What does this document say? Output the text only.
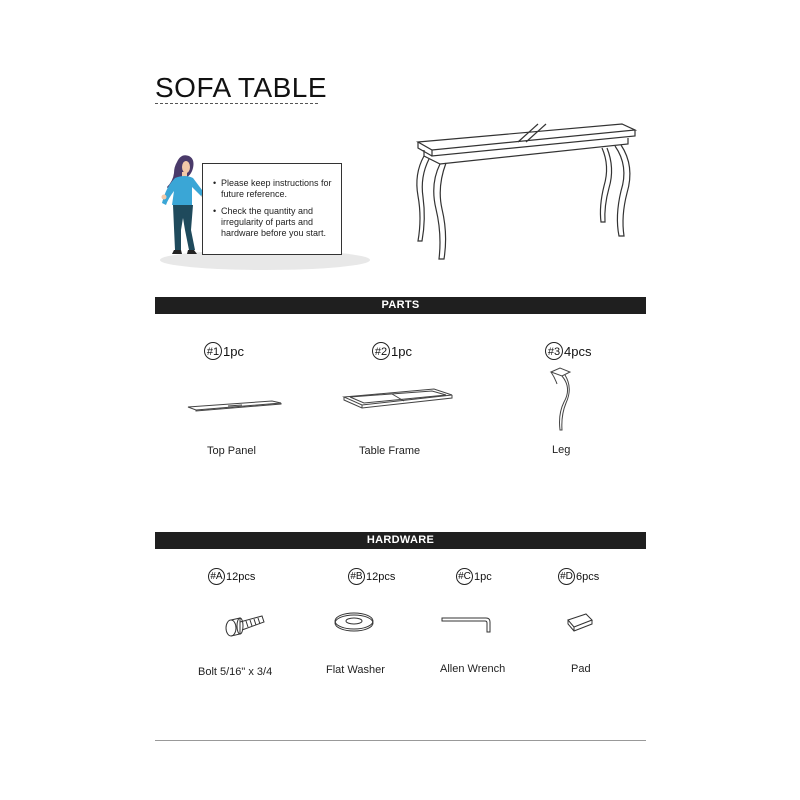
SOFA TABLE
• Please keep instructions for future reference.
• Check the quantity and irregularity of parts and hardware before you start.
PARTS
#1 1pc
Top Panel
#2 1pc
Table Frame
#3 4pcs
Leg
HARDWARE
#A 12pcs
Bolt 5/16" x 3/4
#B 12pcs
Flat Washer
#C 1pc
Allen Wrench
#D 6pcs
Pad
